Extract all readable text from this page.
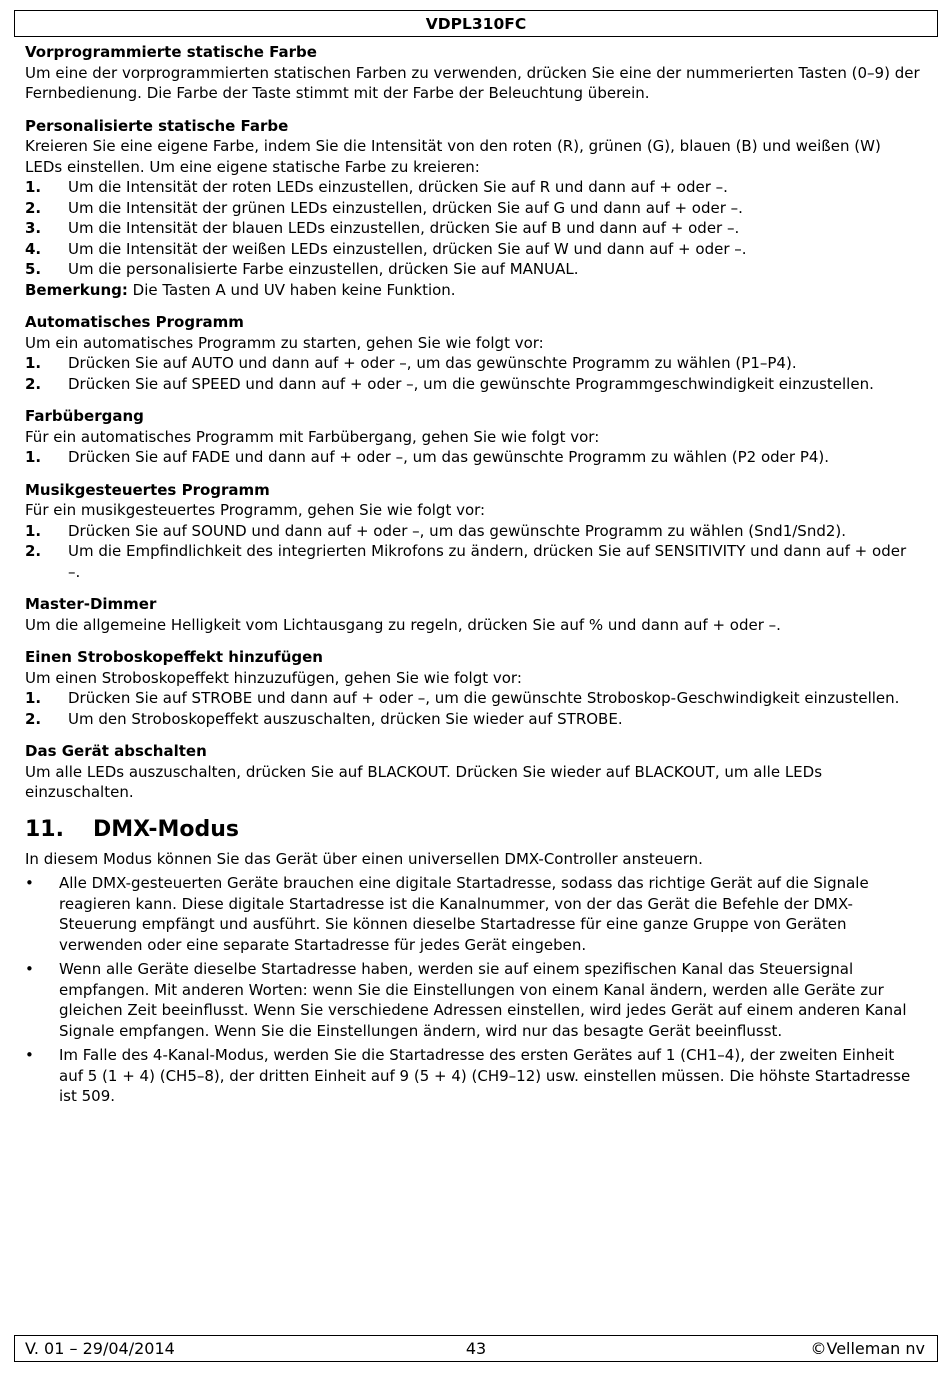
VDPL310FC
Vorprogrammierte statische Farbe

Um eine der vorprogrammierten statischen Farben zu verwenden, drücken Sie eine der nummerierten Tasten (0–9) der Fernbedienung. Die Farbe der Taste stimmt mit der Farbe der Beleuchtung überein.

Personalisierte statische Farbe

Kreieren Sie eine eigene Farbe, indem Sie die Intensität von den roten (R), grünen (G), blauen (B) und weißen (W) LEDs einstellen. Um eine eigene statische Farbe zu kreieren:

1.	Um die Intensität der roten LEDs einzustellen, drücken Sie auf R und dann auf + oder –.
2.	Um die Intensität der grünen LEDs einzustellen, drücken Sie auf G und dann auf + oder –.
3.	Um die Intensität der blauen LEDs einzustellen, drücken Sie auf B und dann auf + oder –.
4.	Um die Intensität der weißen LEDs einzustellen, drücken Sie auf W und dann auf + oder –.
5.	Um die personalisierte Farbe einzustellen, drücken Sie auf MANUAL.

Bemerkung: Die Tasten A und UV haben keine Funktion.

Automatisches Programm

Um ein automatisches Programm zu starten, gehen Sie wie folgt vor:

1.	Drücken Sie auf AUTO und dann auf + oder –, um das gewünschte Programm zu wählen (P1–P4).
2.	Drücken Sie auf SPEED und dann auf + oder –, um die gewünschte Programmgeschwindigkeit einzustellen.
Farbübergang

Für ein automatisches Programm mit Farbübergang, gehen Sie wie folgt vor:

1.	Drücken Sie auf FADE und dann auf + oder –, um das gewünschte Programm zu wählen (P2 oder P4).
Musikgesteuertes Programm

Für ein musikgesteuertes Programm, gehen Sie wie folgt vor:

1.	Drücken Sie auf SOUND und dann auf + oder –, um das gewünschte Programm zu wählen (Snd1/Snd2).
2.	Um die Empfindlichkeit des integrierten Mikrofons zu ändern, drücken Sie auf SENSITIVITY und dann auf + oder –.
Master-Dimmer

Um die allgemeine Helligkeit vom Lichtausgang zu regeln, drücken Sie auf % und dann auf + oder –.

Einen Stroboskopeffekt hinzufügen

Um einen Stroboskopeffekt hinzuzufügen, gehen Sie wie folgt vor:

1.	Drücken Sie auf STROBE und dann auf + oder –, um die gewünschte Stroboskop-Geschwindigkeit einzustellen.
2.	Um den Stroboskopeffekt auszuschalten, drücken Sie wieder auf STROBE.
Das Gerät abschalten

Um alle LEDs auszuschalten, drücken Sie auf BLACKOUT. Drücken Sie wieder auf BLACKOUT, um alle LEDs einzuschalten.

11.	DMX-Modus

In diesem Modus können Sie das Gerät über einen universellen DMX-Controller ansteuern.

•	Alle DMX-gesteuerten Geräte brauchen eine digitale Startadresse, sodass das richtige Gerät auf die Signale reagieren kann. Diese digitale Startadresse ist die Kanalnummer, von der das Gerät die Befehle der DMX-Steuerung empfängt und ausführt. Sie können dieselbe Startadresse für eine ganze Gruppe von Geräten verwenden oder eine separate Startadresse für jedes Gerät eingeben.
•	Wenn alle Geräte dieselbe Startadresse haben, werden sie auf einem spezifischen Kanal das Steuersignal empfangen. Mit anderen Worten: wenn Sie die Einstellungen von einem Kanal ändern, werden alle Geräte zur gleichen Zeit beeinflusst. Wenn Sie verschiedene Adressen einstellen, wird jedes Gerät auf einem anderen Kanal Signale empfangen. Wenn Sie die Einstellungen ändern, wird nur das besagte Gerät beeinflusst.
•	Im Falle des 4-Kanal-Modus, werden Sie die Startadresse des ersten Gerätes auf 1 (CH1–4), der zweiten Einheit auf 5 (1 + 4) (CH5–8), der dritten Einheit auf 9 (5 + 4) (CH9–12) usw. einstellen müssen. Die höhste Startadresse ist 509.
V. 01 – 29/04/2014	43	©Velleman nv
